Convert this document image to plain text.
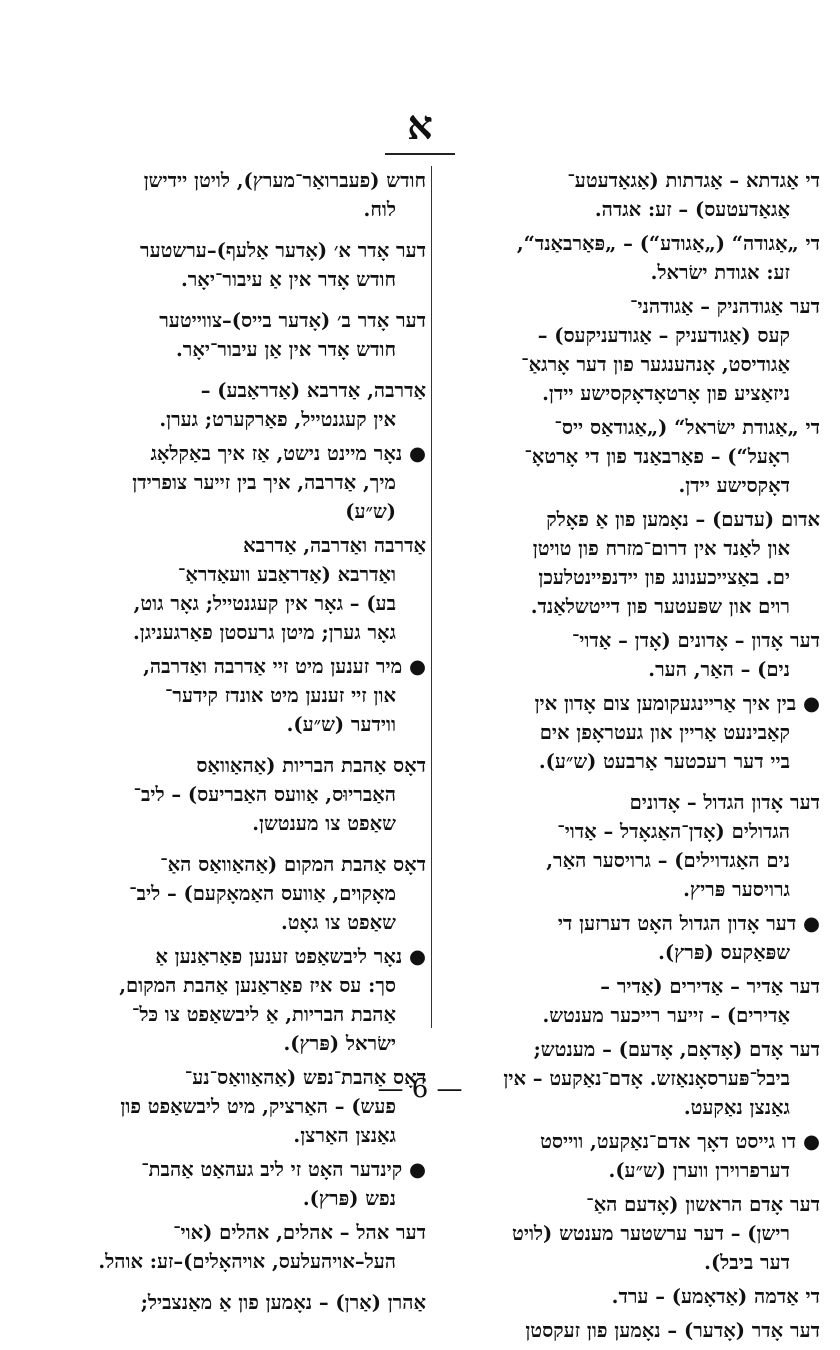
א
די אַגדתא – אַגדתות (אַגאַדעטע־
אַגאַדעטעס) – זע: אגדה.
די „אַגודה“ („אַגודע“) – „פּאַרבאַנד“,
זע: אגודת ישׂראל.
דער אַגודהניק – אַגודהני־
קעס (אַגודעניק – אַגודעניקעס) –
אַגודיסט, אָנהענגער פון דער אָרגאַ־
ניזאַציע פון אָרטאָדאָקסישע יידן.
די „אַגודת ישׂראל“ („אַגודאַס ייס־
ראָעל“) – פאַרבאַנד פון די אָרטאָ־
דאָקסישע יידן.
אדום (עדעם) – נאָמען פון אַ פאָלק
און לאַנד אין דרום־מזרח פון טויטן
ים. באַצייכענונג פון יידנפיינטלעכן
רוים און שפּעטער פון דייטשלאַנד.
דער אָדון – אָדונים (אָדן – אַדוי־
נים) – האַר, הער.
● בין איך אַריינגעקומען צום אָדון אין
קאַבינעט אַריין און געטראָפן אים
ביי דער רעכטער אַרבעט (ש״ע).
דער אָדון הגדול – אָדונים
הגדולים (אָדן־האַגאָדל – אַדוי־
נים האַגדוילים) – גרויסער האַר,
גרויסער פּריץ.
● דער אָדון הגדול האָט דערזען די
שפּאַקעס (פּרץ).
דער אַדיר – אַדירים (אַדיר –
אַדירים) – זייער רייכער מענטש.
דער אָדם (אָדאָם, אָדעם) – מענטש;
ביבל־פּערסאָנאַזש. אָדם־נאַקעט – אין
גאַנצן נאַקעט.
● דו גייסט דאָך אדם־נאַקעט, ווייסט
דערפרוירן ווערן (ש״ע).
דער אָדם הראשון (אָדעם האַ־
רישן) – דער ערשטער מענטש (לויט
דער ביבל).
די אַדמה (אַדאָמע) – ערד.
דער אָדר (אָדער) – נאָמען פון זעקסטן
חודש (פעברואַר־מערץ), לויטן יידישן
לוח.
דער אָדר א׳ (אָדער אַלעף)–ערשטער
חודש אָדר אין אַ עיבור־יאָר.
דער אָדר ב׳ (אָדער בייס)–צווייטער
חודש אָדר אין אַן עיבור־יאָר.
אַדרבה, אַדרבא (אַדראַבע) –
אין קעגנטייל, פאַרקערט; גערן.
● נאָר מיינט נישט, אַז איך באַקלאָג
מיך, אַדרבה, איך בין זייער צופרידן
(ש״ע)
אַדרבה ואַדרבה, אַדרבא
ואַדרבא (אַדראַבע וועאַדראַ־
בע) – גאָר אין קעגנטייל; גאָר גוט,
גאָר גערן; מיטן גרעסטן פאַרגעניגן.
● מיר זענען מיט זיי אַדרבה ואַדרבה,
און זיי זענען מיט אונדז קידער־
ווידער (ש״ע).
דאָס אַהבת הבריות (אַהאַוואַס
האַבריוּס, אַוועס האַבריעס) – ליב־
שאַפט צו מענטשן.
דאָס אַהבת המקום (אַהאַוואַס האַ־
מאָקוים, אַוועס האַמאָקעם) – ליב־
שאַפט צו גאָט.
● נאָר ליבשאַפט זענען פאַראַנען אַ
סך: עס איז פאַראַנען אַהבת המקום,
אַהבת הבריות, אַ ליבשאַפט צו כּל־
ישׂראל (פּרץ).
דאָס אַהבת־נפש (אַהאַוואַס־נע־
פעש) – האַרציק, מיט ליבשאַפט פון
גאַנצן האַרצן.
● קינדער האָט זי ליב געהאַט אַהבת־
נפש (פּרץ).
דער אהל – אהלים, אהלים (אוי־
העל–אויהעלעס, אויהאָלים)–זע: אוהל.
אַהרן (אַרן) – נאָמען פון אַ מאַנצביל;
— 6 —
